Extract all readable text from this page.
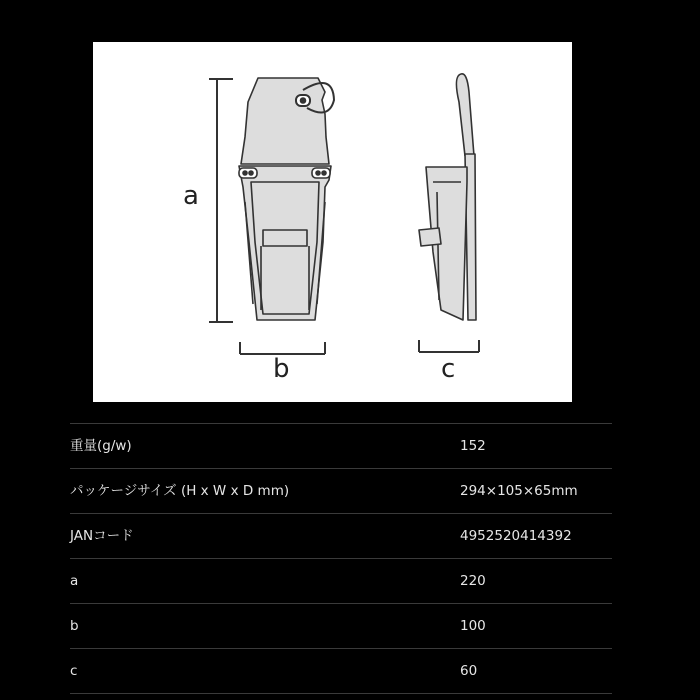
a
b	c
重量(g/w)	152
パッケージサイズ (H x W x D mm)	294×105×65mm
JANコード	4952520414392
a	220
b	100
c	60
